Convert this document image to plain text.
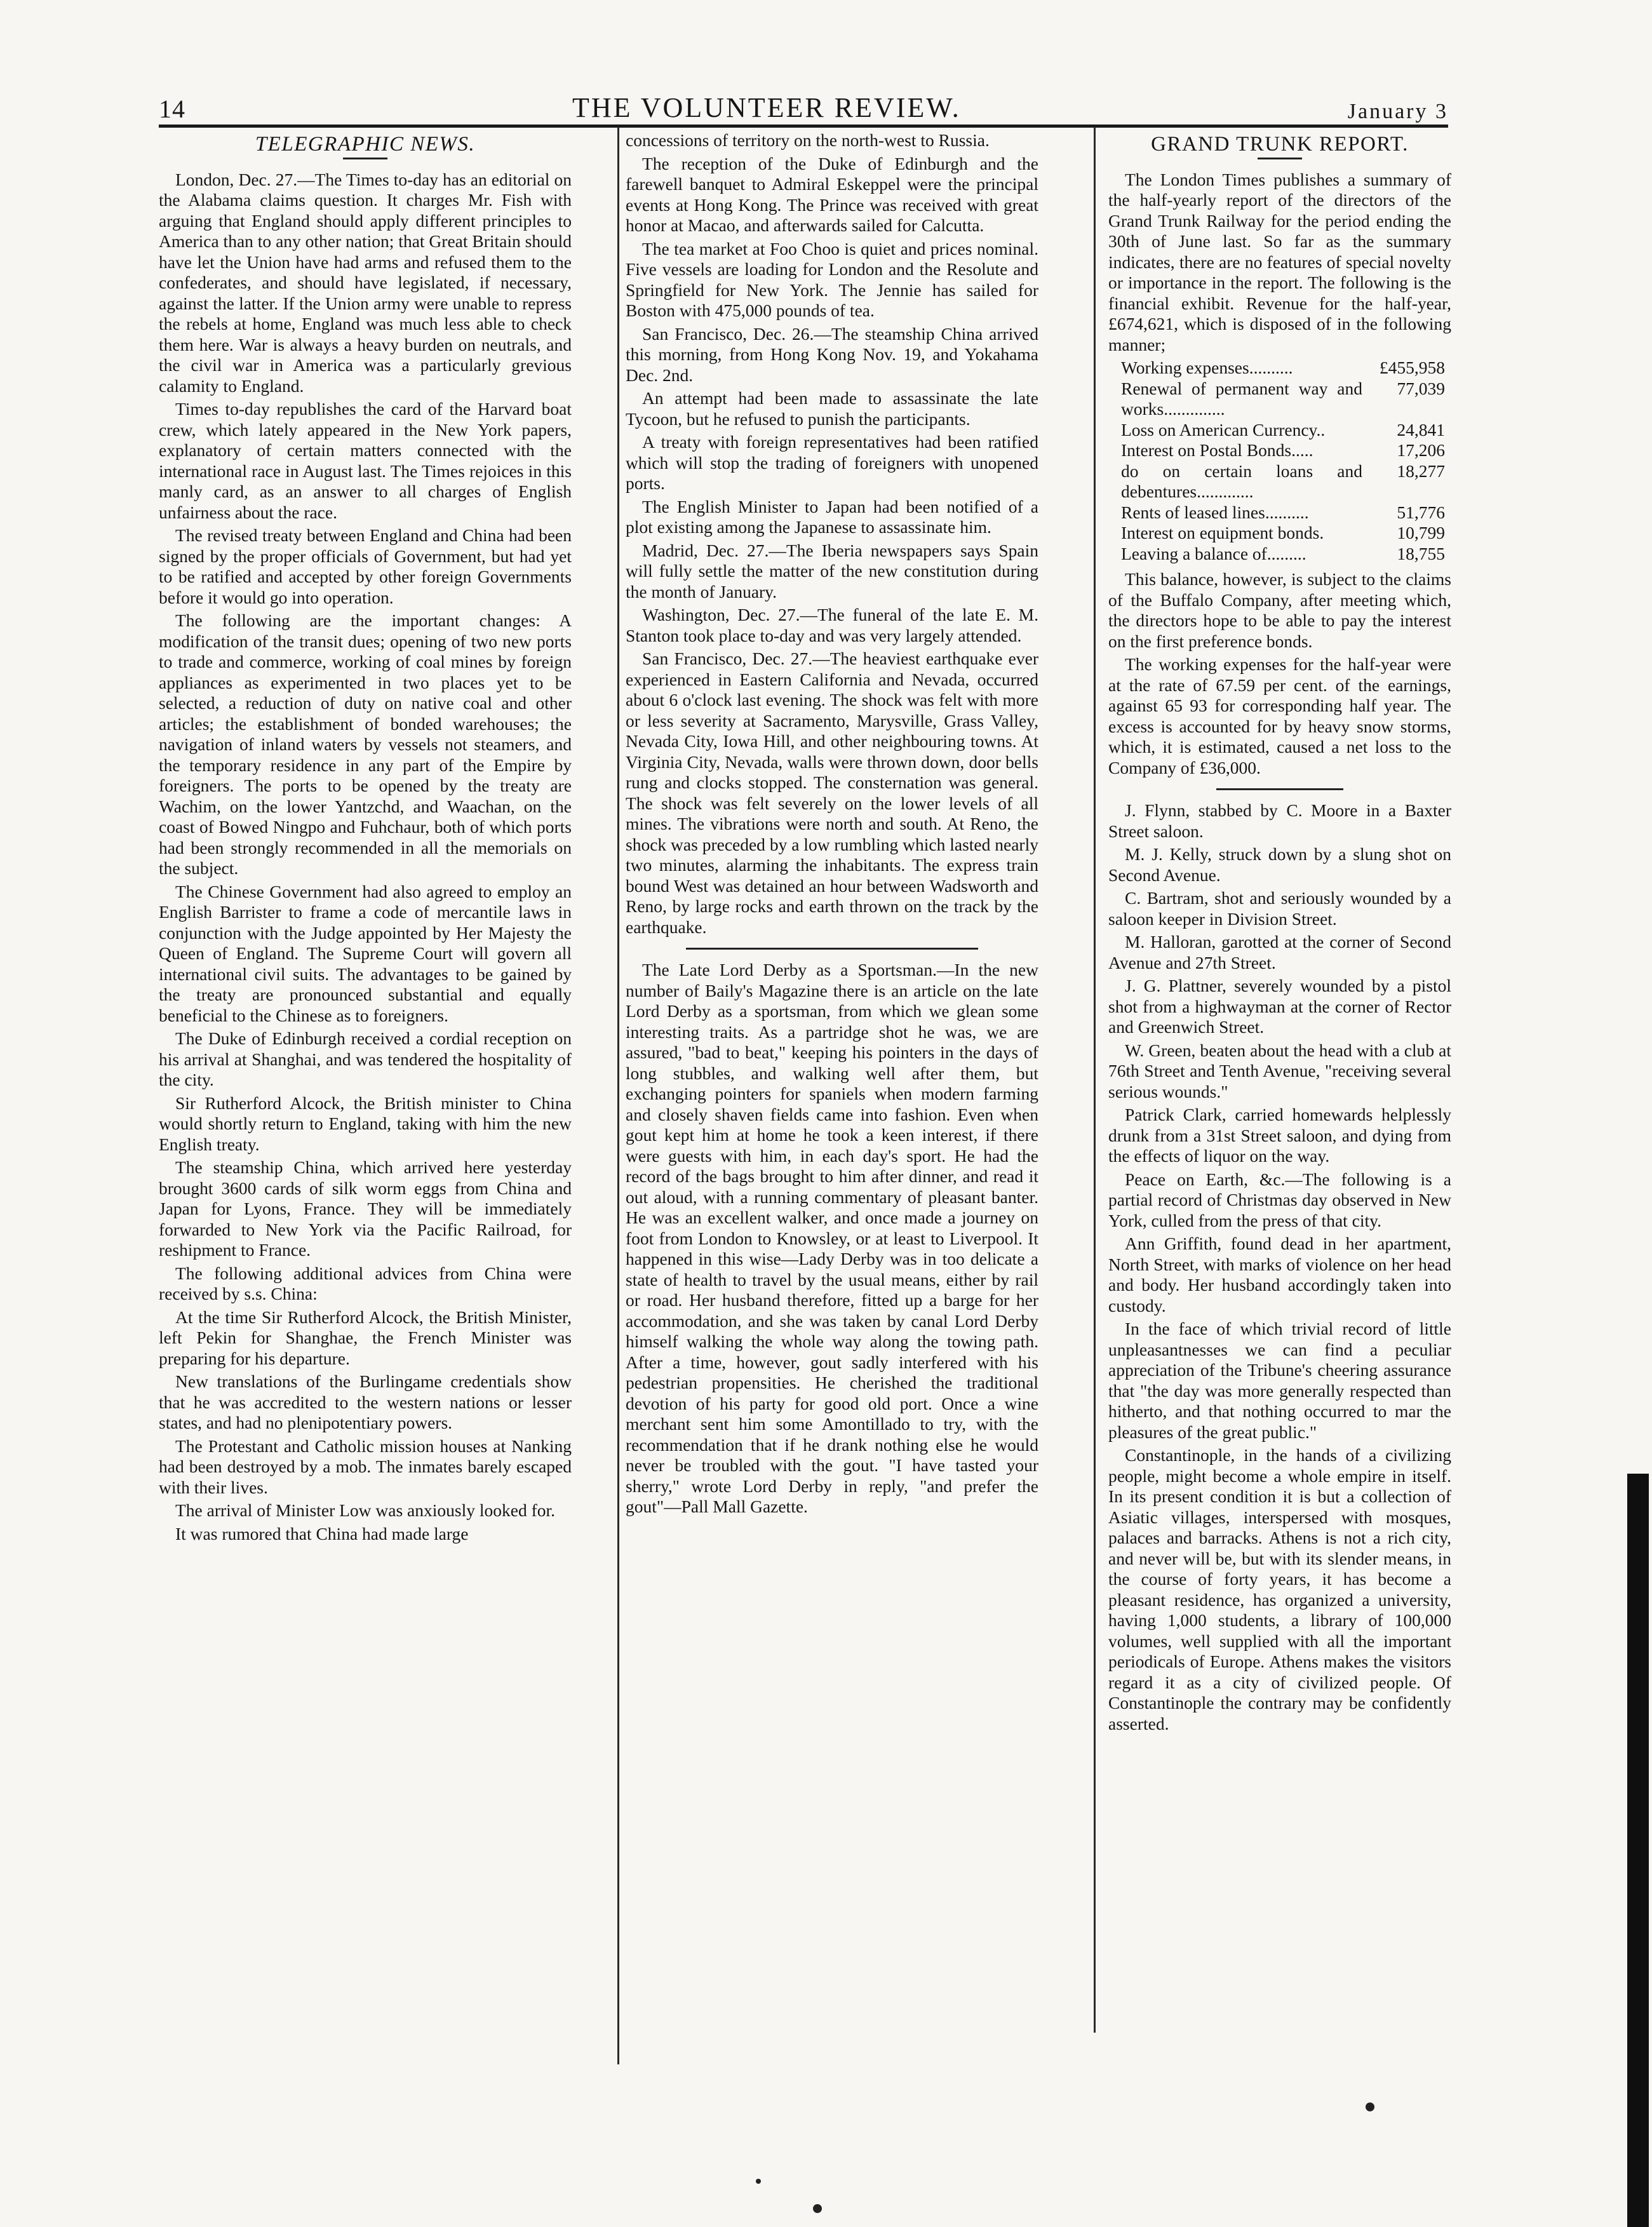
14	THE VOLUNTEER REVIEW.	January 3
TELEGRAPHIC NEWS.

London, Dec. 27.—The Times to-day has an editorial on the Alabama claims question. It charges Mr. Fish with arguing that England should apply different principles to America than to any other nation; that Great Britain should have let the Union have had arms and refused them to the confederates, and should have legislated, if necessary, against the latter. If the Union army were unable to repress the rebels at home, England was much less able to check them here. War is always a heavy burden on neutrals, and the civil war in America was a particularly grevious calamity to England.

Times to-day republishes the card of the Harvard boat crew, which lately appeared in the New York papers, explanatory of certain matters connected with the international race in August last. The Times rejoices in this manly card, as an answer to all charges of English unfairness about the race.

The revised treaty between England and China had been signed by the proper officials of Government, but had yet to be ratified and accepted by other foreign Governments before it would go into operation.

The following are the important changes: A modification of the transit dues; opening of two new ports to trade and commerce, working of coal mines by foreign appliances as experimented in two places yet to be selected, a reduction of duty on native coal and other articles; the establishment of bonded warehouses; the navigation of inland waters by vessels not steamers, and the temporary residence in any part of the Empire by foreigners. The ports to be opened by the treaty are Wachim, on the lower Yantzchd, and Waachan, on the coast of Bowed Ningpo and Fuhchaur, both of which ports had been strongly recommended in all the memorials on the subject.

The Chinese Government had also agreed to employ an English Barrister to frame a code of mercantile laws in conjunction with the Judge appointed by Her Majesty the Queen of England. The Supreme Court will govern all international civil suits. The advantages to be gained by the treaty are pronounced substantial and equally beneficial to the Chinese as to foreigners.

The Duke of Edinburgh received a cordial reception on his arrival at Shanghai, and was tendered the hospitality of the city.

Sir Rutherford Alcock, the British minister to China would shortly return to England, taking with him the new English treaty.

The steamship China, which arrived here yesterday brought 3600 cards of silk worm eggs from China and Japan for Lyons, France. They will be immediately forwarded to New York via the Pacific Railroad, for reshipment to France.

The following additional advices from China were received by s.s. China:

At the time Sir Rutherford Alcock, the British Minister, left Pekin for Shanghae, the French Minister was preparing for his departure.

New translations of the Burlingame credentials show that he was accredited to the western nations or lesser states, and had no plenipotentiary powers.

The Protestant and Catholic mission houses at Nanking had been destroyed by a mob. The inmates barely escaped with their lives.

The arrival of Minister Low was anxiously looked for.

It was rumored that China had made large

concessions of territory on the north-west to Russia.

The reception of the Duke of Edinburgh and the farewell banquet to Admiral Eskeppel were the principal events at Hong Kong. The Prince was received with great honor at Macao, and afterwards sailed for Calcutta.

The tea market at Foo Choo is quiet and prices nominal. Five vessels are loading for London and the Resolute and Springfield for New York. The Jennie has sailed for Boston with 475,000 pounds of tea.

San Francisco, Dec. 26.—The steamship China arrived this morning, from Hong Kong Nov. 19, and Yokahama Dec. 2nd.

An attempt had been made to assassinate the late Tycoon, but he refused to punish the participants.

A treaty with foreign representatives had been ratified which will stop the trading of foreigners with unopened ports.

The English Minister to Japan had been notified of a plot existing among the Japanese to assassinate him.

Madrid, Dec. 27.—The Iberia newspapers says Spain will fully settle the matter of the new constitution during the month of January.

Washington, Dec. 27.—The funeral of the late E. M. Stanton took place to-day and was very largely attended.

San Francisco, Dec. 27.—The heaviest earthquake ever experienced in Eastern California and Nevada, occurred about 6 o'clock last evening. The shock was felt with more or less severity at Sacramento, Marysville, Grass Valley, Nevada City, Iowa Hill, and other neighbouring towns. At Virginia City, Nevada, walls were thrown down, door bells rung and clocks stopped. The consternation was general. The shock was felt severely on the lower levels of all mines. The vibrations were north and south. At Reno, the shock was preceded by a low rumbling which lasted nearly two minutes, alarming the inhabitants. The express train bound West was detained an hour between Wadsworth and Reno, by large rocks and earth thrown on the track by the earthquake.

The Late Lord Derby as a Sportsman.—In the new number of Baily's Magazine there is an article on the late Lord Derby as a sportsman, from which we glean some interesting traits. As a partridge shot he was, we are assured, "bad to beat," keeping his pointers in the days of long stubbles, and walking well after them, but exchanging pointers for spaniels when modern farming and closely shaven fields came into fashion. Even when gout kept him at home he took a keen interest, if there were guests with him, in each day's sport. He had the record of the bags brought to him after dinner, and read it out aloud, with a running commentary of pleasant banter. He was an excellent walker, and once made a journey on foot from London to Knowsley, or at least to Liverpool. It happened in this wise—Lady Derby was in too delicate a state of health to travel by the usual means, either by rail or road. Her husband therefore, fitted up a barge for her accommodation, and she was taken by canal Lord Derby himself walking the whole way along the towing path. After a time, however, gout sadly interfered with his pedestrian propensities. He cherished the traditional devotion of his party for good old port. Once a wine merchant sent him some Amontillado to try, with the recommendation that if he drank nothing else he would never be troubled with the gout. "I have tasted your sherry," wrote Lord Derby in reply, "and prefer the gout"—Pall Mall Gazette.

GRAND TRUNK REPORT.

The London Times publishes a summary of the half-yearly report of the directors of the Grand Trunk Railway for the period ending the 30th of June last. So far as the summary indicates, there are no features of special novelty or importance in the report. The following is the financial exhibit. Revenue for the half-year, £674,621, which is disposed of in the following manner;

Working expenses..........	£455,958
Renewal of permanent way and works..............
77,039
Loss on American Currency..	24,841
Interest on Postal Bonds.....	17,206
do on certain loans and debentures.............
18,277
Rents of leased lines..........	51,776
Interest on equipment bonds.	10,799
Leaving a balance of.........	18,755

This balance, however, is subject to the claims of the Buffalo Company, after meeting which, the directors hope to be able to pay the interest on the first preference bonds.

The working expenses for the half-year were at the rate of 67.59 per cent. of the earnings, against 65 93 for corresponding half year. The excess is accounted for by heavy snow storms, which, it is estimated, caused a net loss to the Company of £36,000.

J. Flynn, stabbed by C. Moore in a Baxter Street saloon.

M. J. Kelly, struck down by a slung shot on Second Avenue.

C. Bartram, shot and seriously wounded by a saloon keeper in Division Street.

M. Halloran, garotted at the corner of Second Avenue and 27th Street.

J. G. Plattner, severely wounded by a pistol shot from a highwayman at the corner of Rector and Greenwich Street.

W. Green, beaten about the head with a club at 76th Street and Tenth Avenue, "receiving several serious wounds."

Patrick Clark, carried homewards helplessly drunk from a 31st Street saloon, and dying from the effects of liquor on the way.

Peace on Earth, &c.—The following is a partial record of Christmas day observed in New York, culled from the press of that city.

Ann Griffith, found dead in her apartment, North Street, with marks of violence on her head and body. Her husband accordingly taken into custody.

In the face of which trivial record of little unpleasantnesses we can find a peculiar appreciation of the Tribune's cheering assurance that "the day was more generally respected than hitherto, and that nothing occurred to mar the pleasures of the great public."

Constantinople, in the hands of a civilizing people, might become a whole empire in itself. In its present condition it is but a collection of Asiatic villages, interspersed with mosques, palaces and barracks. Athens is not a rich city, and never will be, but with its slender means, in the course of forty years, it has become a pleasant residence, has organized a university, having 1,000 students, a library of 100,000 volumes, well supplied with all the important periodicals of Europe. Athens makes the visitors regard it as a city of civilized people. Of Constantinople the contrary may be confidently asserted.
